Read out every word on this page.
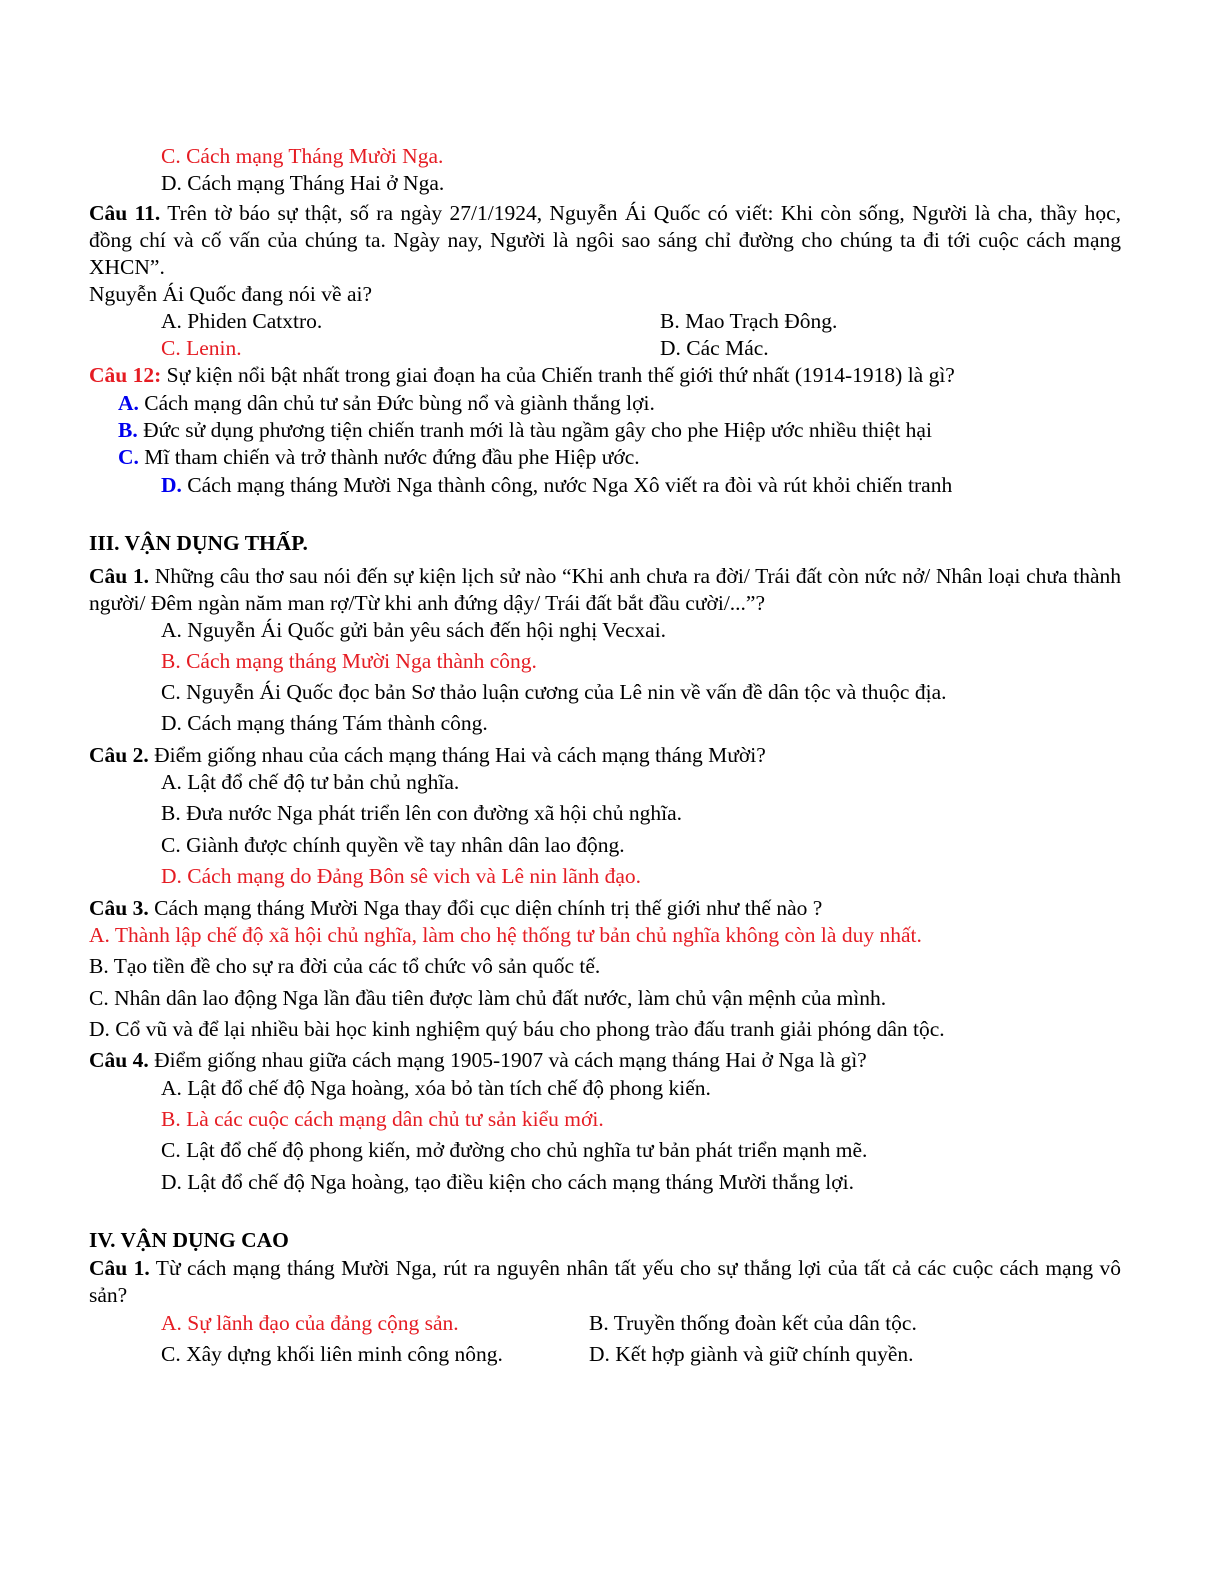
C. Cách mạng Tháng Mười Nga.

D. Cách mạng Tháng Hai ở Nga.

Câu 11. Trên tờ báo sự thật, số ra ngày 27/1/1924, Nguyễn Ái Quốc có viết: Khi còn sống, Người là cha, thầy học, đồng chí và cố vấn của chúng ta. Ngày nay, Người là ngôi sao sáng chỉ đường cho chúng ta đi tới cuộc cách mạng XHCN”.

Nguyễn Ái Quốc đang nói về ai?

A. Phiden Catxtro.	B. Mao Trạch Đông.

C. Lenin.	D. Các Mác.

Câu 12: Sự kiện nổi bật nhất trong giai đoạn ha của Chiến tranh thế giới thứ nhất (1914-1918) là gì?

A. Cách mạng dân chủ tư sản Đức bùng nổ và giành thắng lợi.

B. Đức sử dụng phương tiện chiến tranh mới là tàu ngầm gây cho phe Hiệp ước nhiều thiệt hại

C. Mĩ tham chiến và trở thành nước đứng đầu phe Hiệp ước.

D. Cách mạng tháng Mười Nga thành công, nước Nga Xô viết ra đòi và rút khỏi chiến tranh

III. VẬN DỤNG THẤP.

Câu 1. Những câu thơ sau nói đến sự kiện lịch sử nào “Khi anh chưa ra đời/ Trái đất còn nức nở/ Nhân loại chưa thành người/ Đêm ngàn năm man rợ/Từ khi anh đứng dậy/ Trái đất bắt đầu cười/...”?

A. Nguyễn Ái Quốc gửi bản yêu sách đến hội nghị Vecxai.

B. Cách mạng tháng Mười Nga thành công.

C. Nguyễn Ái Quốc đọc bản Sơ thảo luận cương của Lê nin về vấn đề dân tộc và thuộc địa.

D. Cách mạng tháng Tám thành công.

Câu 2. Điểm giống nhau của cách mạng tháng Hai và cách mạng tháng Mười?

A. Lật đổ chế độ tư bản chủ nghĩa.

B. Đưa nước Nga phát triển lên con đường xã hội chủ nghĩa.

C. Giành được chính quyền về tay nhân dân lao động.

D. Cách mạng do Đảng Bôn sê vich và Lê nin lãnh đạo.

Câu 3. Cách mạng tháng Mười Nga thay đổi cục diện chính trị thế giới như thế nào ?

A. Thành lập chế độ xã hội chủ nghĩa, làm cho hệ thống tư bản chủ nghĩa không còn là duy nhất.

B. Tạo tiền đề cho sự ra đời của các tổ chức vô sản quốc tế.

C. Nhân dân lao động Nga lần đầu tiên được làm chủ đất nước, làm chủ vận mệnh của mình.

D. Cổ vũ và để lại nhiều bài học kinh nghiệm quý báu cho phong trào đấu tranh giải phóng dân tộc.

Câu 4. Điểm giống nhau giữa cách mạng 1905-1907 và cách mạng tháng Hai ở Nga là gì?

A. Lật đổ chế độ Nga hoàng, xóa bỏ tàn tích chế độ phong kiến.

B. Là các cuộc cách mạng dân chủ tư sản kiểu mới.

C. Lật đổ chế độ phong kiến, mở đường cho chủ nghĩa tư bản phát triển mạnh mẽ.

D. Lật đổ chế độ Nga hoàng, tạo điều kiện cho cách mạng tháng Mười thắng lợi.

IV. VẬN DỤNG CAO

Câu 1. Từ cách mạng tháng Mười Nga, rút ra nguyên nhân tất yếu cho sự thắng lợi của tất cả các cuộc cách mạng vô sản?

A. Sự lãnh đạo của đảng cộng sản.	B. Truyền thống đoàn kết của dân tộc.

C. Xây dựng khối liên minh công nông.	D. Kết hợp giành và giữ chính quyền.
